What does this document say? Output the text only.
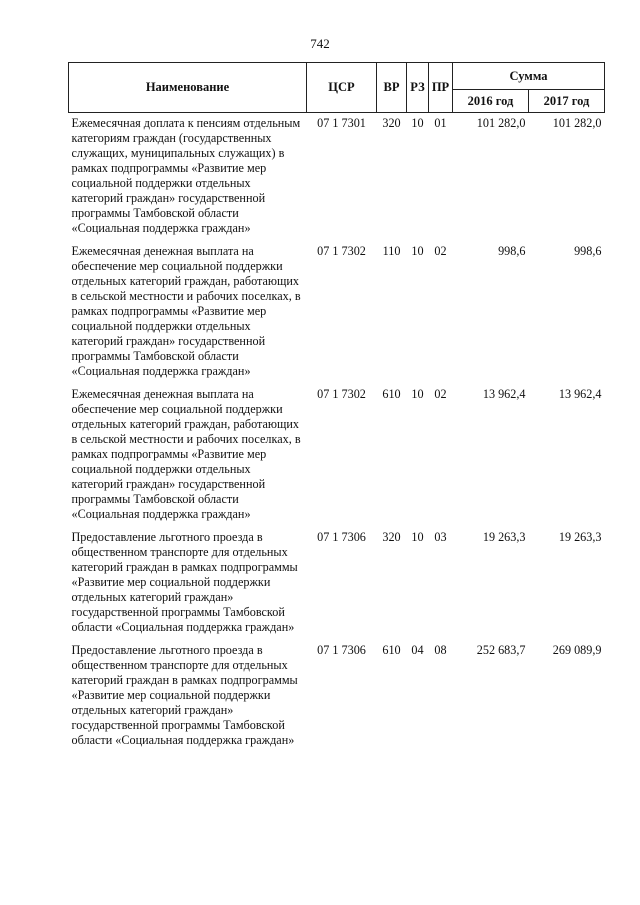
742
Наименование	ЦСР	ВР	РЗ	ПР	Сумма	
					2016 год	2017 год
Ежемесячная доплата к пенсиям отдельным категориям граждан (государственных служащих, муниципальных служащих) в рамках подпрограммы «Развитие мер социальной поддержки отдельных категорий граждан» государственной программы Тамбовской области «Социальная поддержка граждан»	07 1 7301	320	10	01	101 282,0	101 282,0
Ежемесячная денежная выплата на обеспечение мер социальной поддержки отдельных категорий граждан, работающих в сельской местности и рабочих поселках, в рамках подпрограммы «Развитие мер социальной поддержки отдельных категорий граждан» государственной программы Тамбовской области «Социальная поддержка граждан»	07 1 7302	110	10	02	998,6	998,6
Ежемесячная денежная выплата на обеспечение мер социальной поддержки отдельных категорий граждан, работающих в сельской местности и рабочих поселках, в рамках подпрограммы «Развитие мер социальной поддержки отдельных категорий граждан» государственной программы Тамбовской области «Социальная поддержка граждан»	07 1 7302	610	10	02	13 962,4	13 962,4
Предоставление льготного проезда в общественном транспорте для отдельных категорий граждан в рамках подпрограммы «Развитие мер социальной поддержки отдельных категорий граждан» государственной программы Тамбовской области «Социальная поддержка граждан»	07 1 7306	320	10	03	19 263,3	19 263,3
Предоставление льготного проезда в общественном транспорте для отдельных категорий граждан в рамках подпрограммы «Развитие мер социальной поддержки отдельных категорий граждан» государственной программы Тамбовской области «Социальная поддержка граждан»	07 1 7306	610	04	08	252 683,7	269 089,9
